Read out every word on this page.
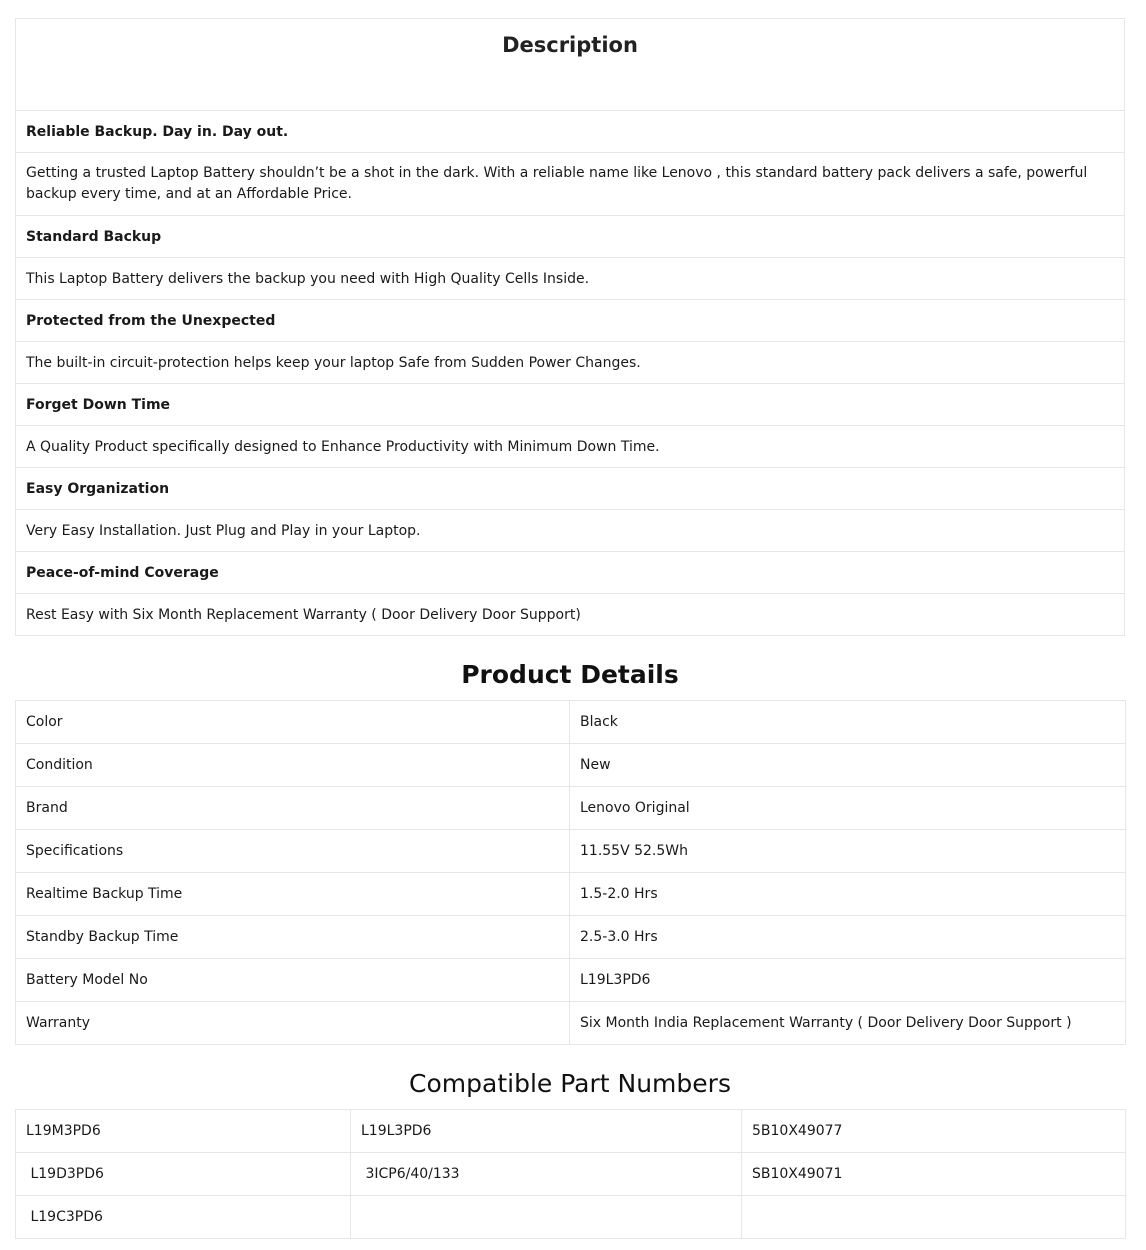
Description
Reliable Backup. Day in. Day out.
Getting a trusted Laptop Battery shouldn’t be a shot in the dark. With a reliable name like Lenovo , this standard battery pack delivers a safe, powerful backup every time, and at an Affordable Price.
Standard Backup
This Laptop Battery delivers the backup you need with High Quality Cells Inside.
Protected from the Unexpected
The built-in circuit-protection helps keep your laptop Safe from Sudden Power Changes.
Forget Down Time
A Quality Product specifically designed to Enhance Productivity with Minimum Down Time.
Easy Organization
Very Easy Installation. Just Plug and Play in your Laptop.
Peace-of-mind Coverage
Rest Easy with Six Month Replacement Warranty ( Door Delivery Door Support)
Product Details
Color	Black
Condition	New
Brand	Lenovo Original
Specifications	11.55V 52.5Wh
Realtime Backup Time	1.5-2.0 Hrs
Standby Backup Time	2.5-3.0 Hrs
Battery Model No	L19L3PD6
Warranty	Six Month India Replacement Warranty ( Door Delivery Door Support )
Compatible Part Numbers
L19M3PD6	L19L3PD6	5B10X49077
L19D3PD6	3ICP6/40/133	SB10X49071
L19C3PD6		
